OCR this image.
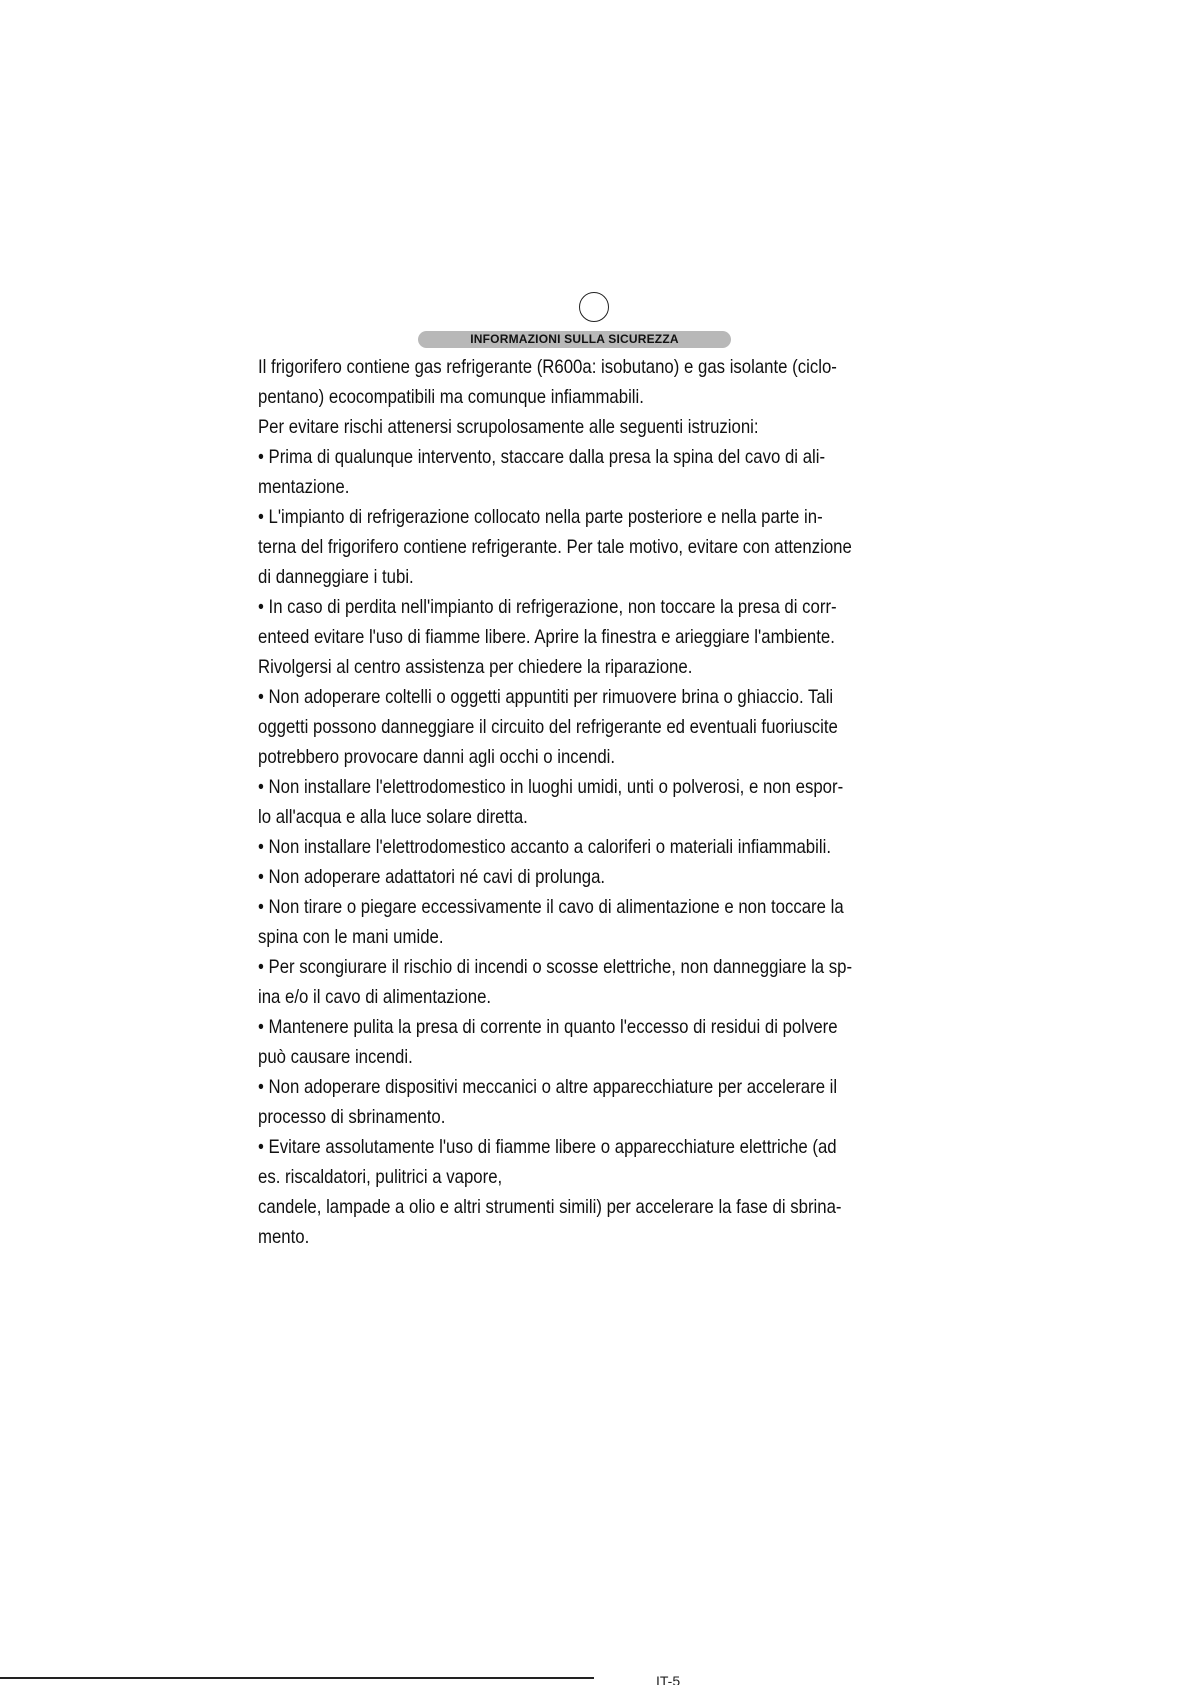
INFORMAZIONI SULLA SICUREZZA
Il frigorifero contiene gas refrigerante (R600a: isobutano) e gas isolante (ciclo-
pentano) ecocompatibili ma comunque infiammabili.
Per evitare rischi attenersi scrupolosamente alle seguenti istruzioni:
• Prima di qualunque intervento, staccare dalla presa la spina del cavo di ali-
mentazione.
• L'impianto di refrigerazione collocato nella parte posteriore e nella parte in-
terna del frigorifero contiene refrigerante. Per tale motivo, evitare con attenzione
di danneggiare i tubi.
• In caso di perdita nell'impianto di refrigerazione, non toccare la presa di corr-
enteed evitare l'uso di fiamme libere. Aprire la finestra e arieggiare l'ambiente.
Rivolgersi al centro assistenza per chiedere la riparazione.
• Non adoperare coltelli o oggetti appuntiti per rimuovere brina o ghiaccio. Tali
oggetti possono danneggiare il circuito del refrigerante ed eventuali fuoriuscite
potrebbero provocare danni agli occhi o incendi.
• Non installare l'elettrodomestico in luoghi umidi, unti o polverosi, e non espor-
lo all'acqua e alla luce solare diretta.
• Non installare l'elettrodomestico accanto a caloriferi o materiali infiammabili.
• Non adoperare adattatori né cavi di prolunga.
• Non tirare o piegare eccessivamente il cavo di alimentazione e non toccare la
spina con le mani umide.
• Per scongiurare il rischio di incendi o scosse elettriche, non danneggiare la sp-
ina e/o il cavo di alimentazione.
• Mantenere pulita la presa di corrente in quanto l'eccesso di residui di polvere
può causare incendi.
• Non adoperare dispositivi meccanici o altre apparecchiature per accelerare il
processo di sbrinamento.
• Evitare assolutamente l'uso di fiamme libere o apparecchiature elettriche (ad
es. riscaldatori, pulitrici a vapore,
candele, lampade a olio e altri strumenti simili) per accelerare la fase di sbrina-
mento.
IT-5
